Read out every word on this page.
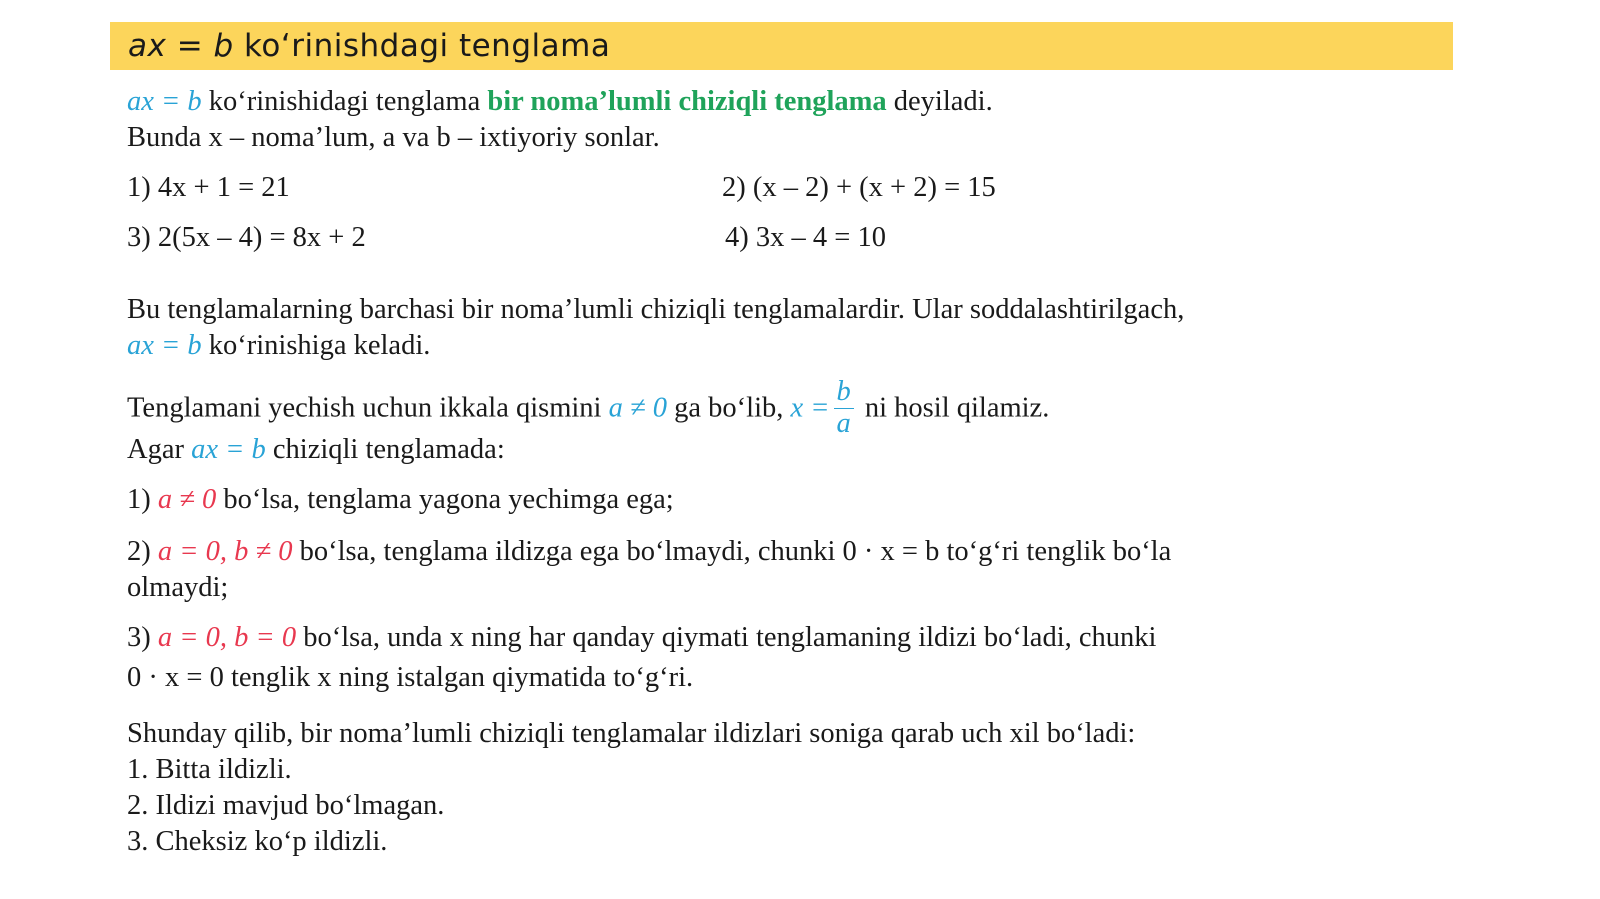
ax = b ko‘rinishdagi tenglama
ax = b ko‘rinishidagi tenglama bir noma’lumli chiziqli tenglama deyiladi.
Bunda x – noma’lum, a va b – ixtiyoriy sonlar.
1) 4x + 1 = 21	2) (x – 2) + (x + 2) = 15
3) 2(5x – 4) = 8x + 2	4) 3x – 4 = 10
Bu tenglamalarning barchasi bir noma’lumli chiziqli tenglamalardir. Ular soddalashtirilgach,
ax = b ko‘rinishiga keladi.
Tenglamani yechish uchun ikkala qismini a ≠ 0 ga bo‘lib, $x = \frac{b}{a}$ ni hosil qilamiz.
Agar ax = b chiziqli tenglamada:
1) a ≠ 0 bo‘lsa, tenglama yagona yechimga ega;
2) a = 0, b ≠ 0 bo‘lsa, tenglama ildizga ega bo‘lmaydi, chunki 0 · x = b to‘g‘ri tenglik bo‘la
olmaydi;
3) a = 0, b = 0 bo‘lsa, unda x ning har qanday qiymati tenglamaning ildizi bo‘ladi, chunki
0 · x = 0 tenglik x ning istalgan qiymatida to‘g‘ri.
Shunday qilib, bir noma’lumli chiziqli tenglamalar ildizlari soniga qarab uch xil bo‘ladi:
1. Bitta ildizli.
2. Ildizi mavjud bo‘lmagan.
3. Cheksiz ko‘p ildizli.
